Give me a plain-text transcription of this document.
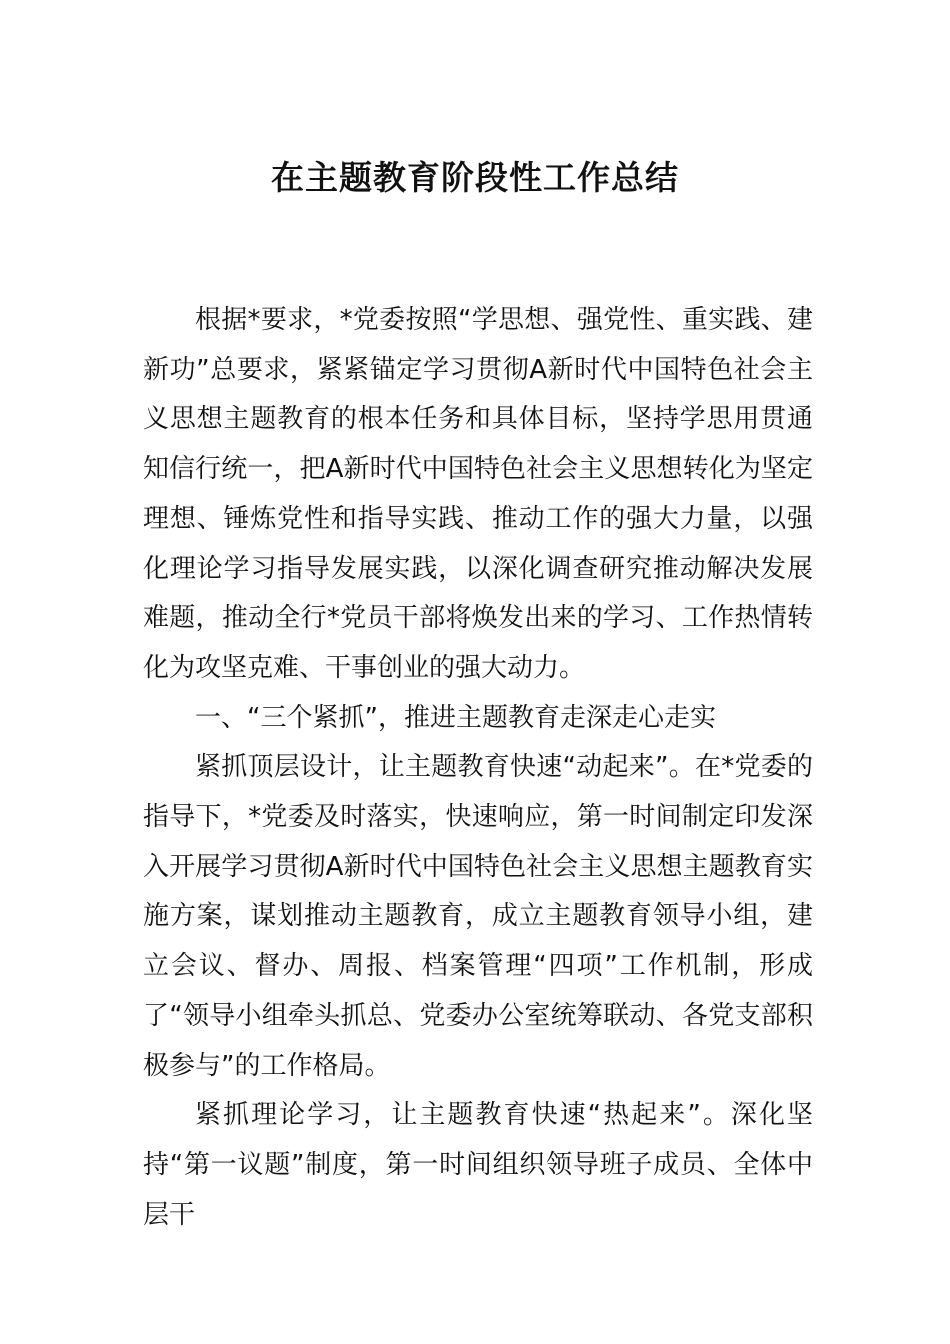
在主题教育阶段性工作总结

根据*要求，*党委按照“学思想、强党性、重实践、建新功”总要求，紧紧锚定学习贯彻A新时代中国特色社会主义思想主题教育的根本任务和具体目标，坚持学思用贯通知信行统一，把A新时代中国特色社会主义思想转化为坚定理想、锤炼党性和指导实践、推动工作的强大力量，以强化理论学习指导发展实践，以深化调查研究推动解决发展难题，推动全行*党员干部将焕发出来的学习、工作热情转化为攻坚克难、干事创业的强大动力。

一、“三个紧抓”，推进主题教育走深走心走实

紧抓顶层设计，让主题教育快速“动起来”。在*党委的指导下，*党委及时落实，快速响应，第一时间制定印发深入开展学习贯彻A新时代中国特色社会主义思想主题教育实施方案，谋划推动主题教育，成立主题教育领导小组，建立会议、督办、周报、档案管理“四项”工作机制，形成了“领导小组牵头抓总、党委办公室统筹联动、各党支部积极参与”的工作格局。

紧抓理论学习，让主题教育快速“热起来”。深化坚持“第一议题”制度，第一时间组织领导班子成员、全体中层干
